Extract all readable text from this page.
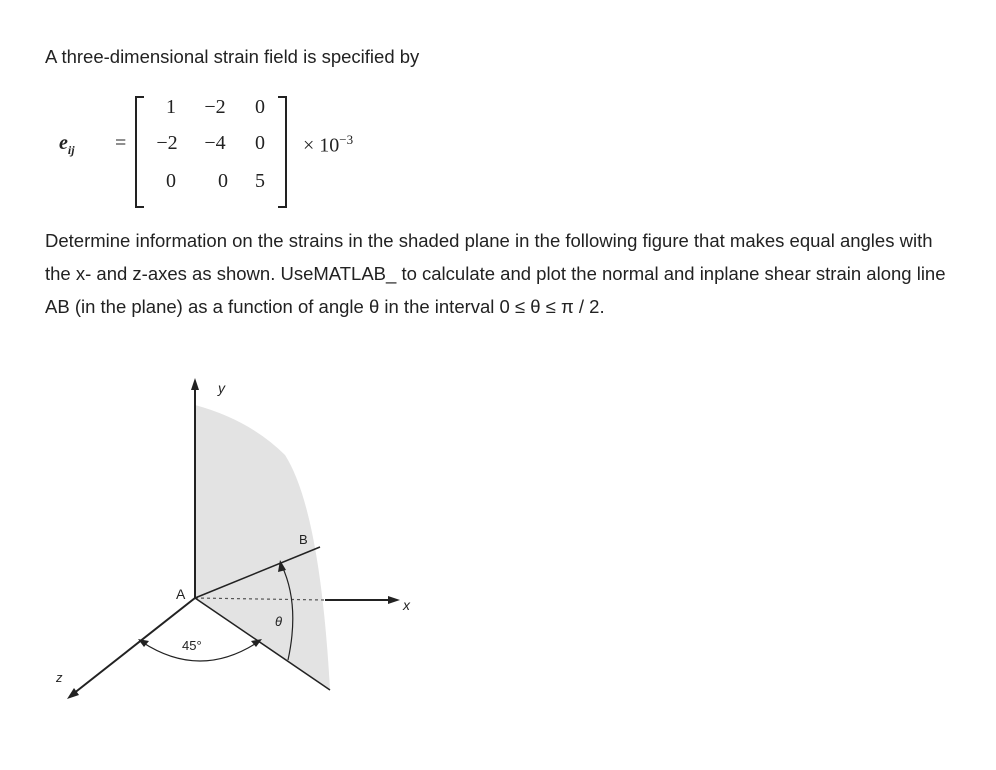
A three-dimensional strain field is specified by

$e_{ij}$ =
1	−2	0
−2	−4	0
0	0	5
× $10^{-3}$

Determine information on the strains in the shaded plane in the following figure that makes equal angles with the x- and z-axes as shown. UseMATLAB_ to calculate and plot the normal and inplane shear strain along line AB (in the plane) as a function of angle θ in the interval 0 ≤ θ ≤ π / 2.

y
x
z
A
B
θ
45°
